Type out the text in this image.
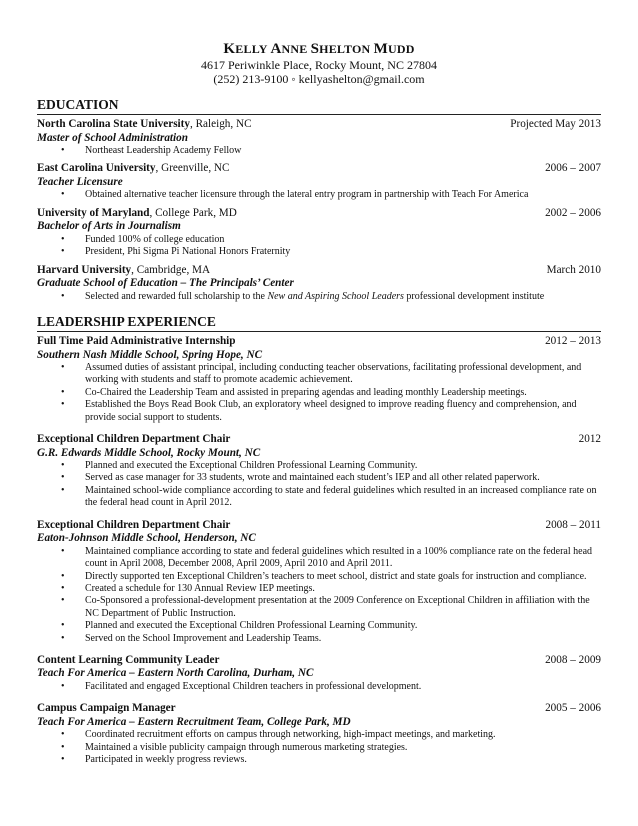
KELLY ANNE SHELTON MUDD
4617 Periwinkle Place, Rocky Mount, NC 27804
(252) 213-9100 ◦ kellyashelton@gmail.com
EDUCATION
North Carolina State University, Raleigh, NC	Projected May 2013
Master of School Administration
• Northeast Leadership Academy Fellow
East Carolina University, Greenville, NC	2006 – 2007
Teacher Licensure
• Obtained alternative teacher licensure through the lateral entry program in partnership with Teach For America
University of Maryland, College Park, MD	2002 – 2006
Bachelor of Arts in Journalism
• Funded 100% of college education
• President, Phi Sigma Pi National Honors Fraternity
Harvard University, Cambridge, MA	March 2010
Graduate School of Education – The Principals’ Center
• Selected and rewarded full scholarship to the New and Aspiring School Leaders professional development institute
LEADERSHIP EXPERIENCE
Full Time Paid Administrative Internship	2012 – 2013
Southern Nash Middle School, Spring Hope, NC
• Assumed duties of assistant principal, including conducting teacher observations, facilitating professional development, and working with students and staff to promote academic achievement.
• Co-Chaired the Leadership Team and assisted in preparing agendas and leading monthly Leadership meetings.
• Established the Boys Read Book Club, an exploratory wheel designed to improve reading fluency and comprehension, and provide social support to students.
Exceptional Children Department Chair	2012
G.R. Edwards Middle School, Rocky Mount, NC
• Planned and executed the Exceptional Children Professional Learning Community.
• Served as case manager for 33 students, wrote and maintained each student’s IEP and all other related paperwork.
• Maintained school-wide compliance according to state and federal guidelines which resulted in an increased compliance rate on the federal head count in April 2012.
Exceptional Children Department Chair	2008 – 2011
Eaton-Johnson Middle School, Henderson, NC
• Maintained compliance according to state and federal guidelines which resulted in a 100% compliance rate on the federal head count in April 2008, December 2008, April 2009, April 2010 and April 2011.
• Directly supported ten Exceptional Children’s teachers to meet school, district and state goals for instruction and compliance.
• Created a schedule for 130 Annual Review IEP meetings.
• Co-Sponsored a professional-development presentation at the 2009 Conference on Exceptional Children in affiliation with the NC Department of Public Instruction.
• Planned and executed the Exceptional Children Professional Learning Community.
• Served on the School Improvement and Leadership Teams.
Content Learning Community Leader	2008 – 2009
Teach For America – Eastern North Carolina, Durham, NC
• Facilitated and engaged Exceptional Children teachers in professional development.
Campus Campaign Manager	2005 – 2006
Teach For America – Eastern Recruitment Team, College Park, MD
• Coordinated recruitment efforts on campus through networking, high-impact meetings, and marketing.
• Maintained a visible publicity campaign through numerous marketing strategies.
• Participated in weekly progress reviews.
